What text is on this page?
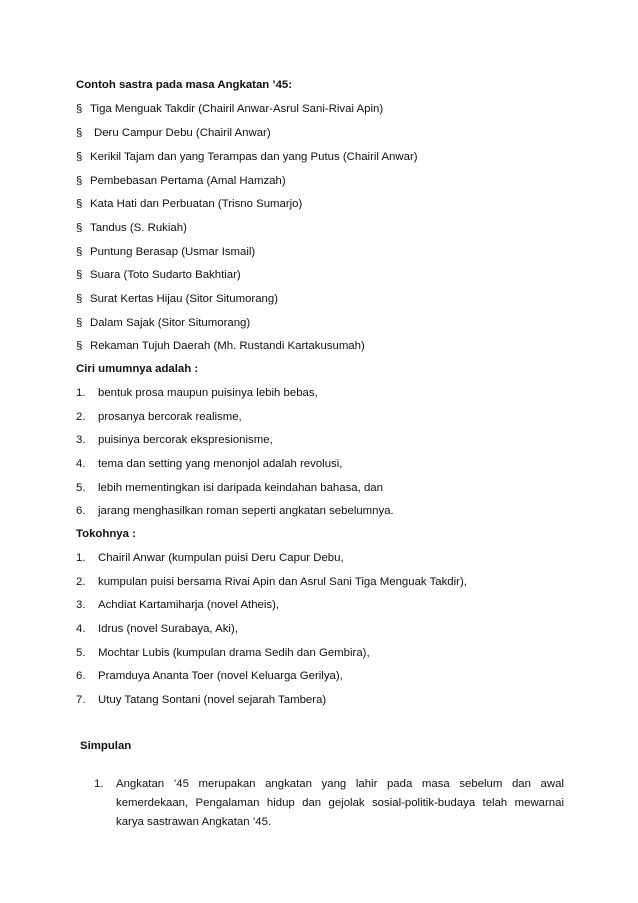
Contoh sastra pada masa Angkatan ’45:
§ Tiga Menguak Takdir (Chairil Anwar-Asrul Sani-Rivai Apin)
§ Deru Campur Debu (Chairil Anwar)
§ Kerikil Tajam dan yang Terampas dan yang Putus (Chairil Anwar)
§ Pembebasan Pertama (Amal Hamzah)
§ Kata Hati dan Perbuatan (Trisno Sumarjo)
§ Tandus (S. Rukiah)
§ Puntung Berasap (Usmar Ismail)
§ Suara (Toto Sudarto Bakhtiar)
§ Surat Kertas Hijau (Sitor Situmorang)
§ Dalam Sajak (Sitor Situmorang)
§ Rekaman Tujuh Daerah (Mh. Rustandi Kartakusumah)
Ciri umumnya adalah :
1. bentuk prosa maupun puisinya lebih bebas,
2. prosanya bercorak realisme,
3. puisinya bercorak ekspresionisme,
4. tema dan setting yang menonjol adalah revolusi,
5. lebih mementingkan isi daripada keindahan bahasa, dan
6. jarang menghasilkan roman seperti angkatan sebelumnya.
Tokohnya :
1. Chairil Anwar (kumpulan puisi Deru Capur Debu,
2. kumpulan puisi bersama Rivai Apin dan Asrul Sani Tiga Menguak Takdir),
3. Achdiat Kartamiharja (novel Atheis),
4. Idrus (novel Surabaya, Aki),
5. Mochtar Lubis (kumpulan drama Sedih dan Gembira),
6. Pramduya Ananta Toer (novel Keluarga Gerilya),
7. Utuy Tatang Sontani (novel sejarah Tambera)
Simpulan
1. Angkatan ’45 merupakan angkatan yang lahir pada masa sebelum dan awal kemerdekaan, Pengalaman hidup dan gejolak sosial-politik-budaya telah mewarnai karya sastrawan Angkatan ’45.
